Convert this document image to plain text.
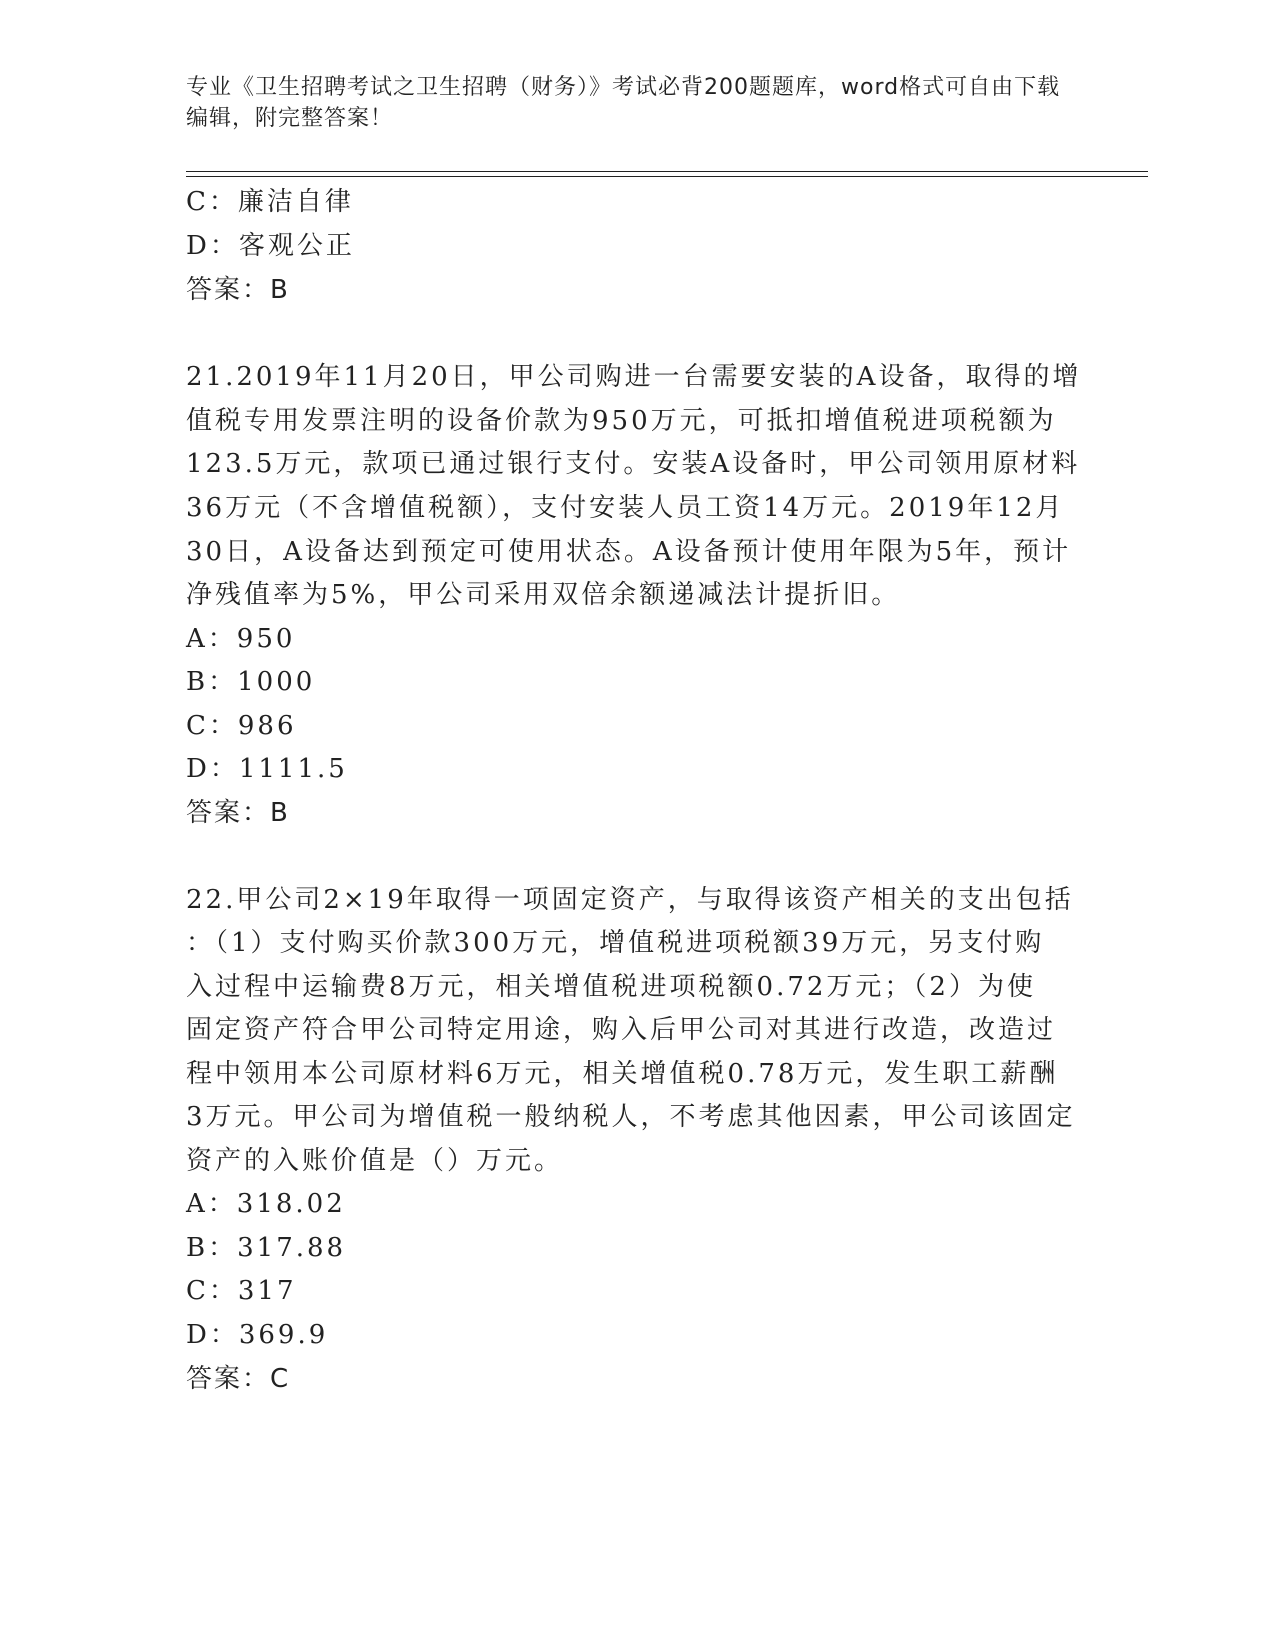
专业《卫生招聘考试之卫生招聘（财务）》考试必背200题题库，word格式可自由下载编辑，附完整答案！
C：廉洁自律
D：客观公正
答案：B
21.2019年11月20日，甲公司购进一台需要安装的A设备，取得的增
值税专用发票注明的设备价款为950万元，可抵扣增值税进项税额为
123.5万元，款项已通过银行支付。安装A设备时，甲公司领用原材料
36万元（不含增值税额），支付安装人员工资14万元。2019年12月
30日，A设备达到预定可使用状态。A设备预计使用年限为5年，预计
净残值率为5%，甲公司采用双倍余额递减法计提折旧。
A：950
B：1000
C：986
D：1111.5
答案：B
22.甲公司2×19年取得一项固定资产，与取得该资产相关的支出包括
：（1）支付购买价款300万元，增值税进项税额39万元，另支付购
入过程中运输费8万元，相关增值税进项税额0.72万元；（2）为使
固定资产符合甲公司特定用途，购入后甲公司对其进行改造，改造过
程中领用本公司原材料6万元，相关增值税0.78万元，发生职工薪酬
3万元。甲公司为增值税一般纳税人，不考虑其他因素，甲公司该固定
资产的入账价值是（）万元。
A：318.02
B：317.88
C：317
D：369.9
答案：C
